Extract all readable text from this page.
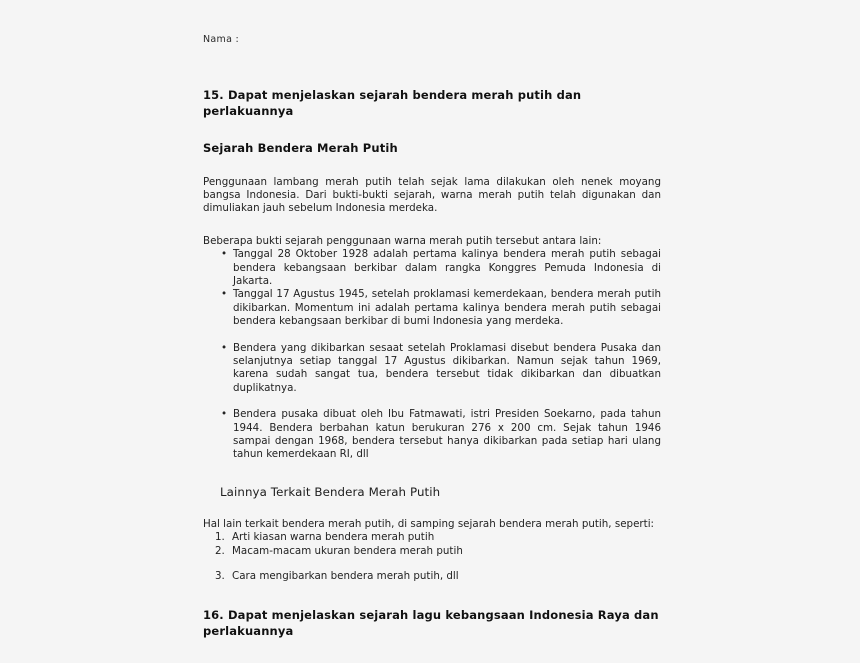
Nama :
15. Dapat menjelaskan sejarah bendera merah putih dan perlakuannya
Sejarah Bendera Merah Putih

Penggunaan lambang merah putih telah sejak lama dilakukan oleh nenek moyang bangsa Indonesia. Dari bukti-bukti sejarah, warna merah putih telah digunakan dan dimuliakan jauh sebelum Indonesia merdeka.

Beberapa bukti sejarah penggunaan warna merah putih tersebut antara lain:

• Tanggal 28 Oktober 1928 adalah pertama kalinya bendera merah putih sebagai bendera kebangsaan berkibar dalam rangka Konggres Pemuda Indonesia di Jakarta.
• Tanggal 17 Agustus 1945, setelah proklamasi kemerdekaan, bendera merah putih dikibarkan. Momentum ini adalah pertama kalinya bendera merah putih sebagai bendera kebangsaan berkibar di bumi Indonesia yang merdeka.
• Bendera yang dikibarkan sesaat setelah Proklamasi disebut bendera Pusaka dan selanjutnya setiap tanggal 17 Agustus dikibarkan. Namun sejak tahun 1969, karena sudah sangat tua, bendera tersebut tidak dikibarkan dan dibuatkan duplikatnya.
• Bendera pusaka dibuat oleh Ibu Fatmawati, istri Presiden Soekarno, pada tahun 1944. Bendera berbahan katun berukuran 276 x 200 cm. Sejak tahun 1946 sampai dengan 1968, bendera tersebut hanya dikibarkan pada setiap hari ulang tahun kemerdekaan RI, dll
Lainnya Terkait Bendera Merah Putih

Hal lain terkait bendera merah putih, di samping sejarah bendera merah putih, seperti:

1. Arti kiasan warna bendera merah putih
2. Macam-macam ukuran bendera merah putih
3. Cara mengibarkan bendera merah putih, dll
16. Dapat menjelaskan sejarah lagu kebangsaan Indonesia Raya dan perlakuannya
